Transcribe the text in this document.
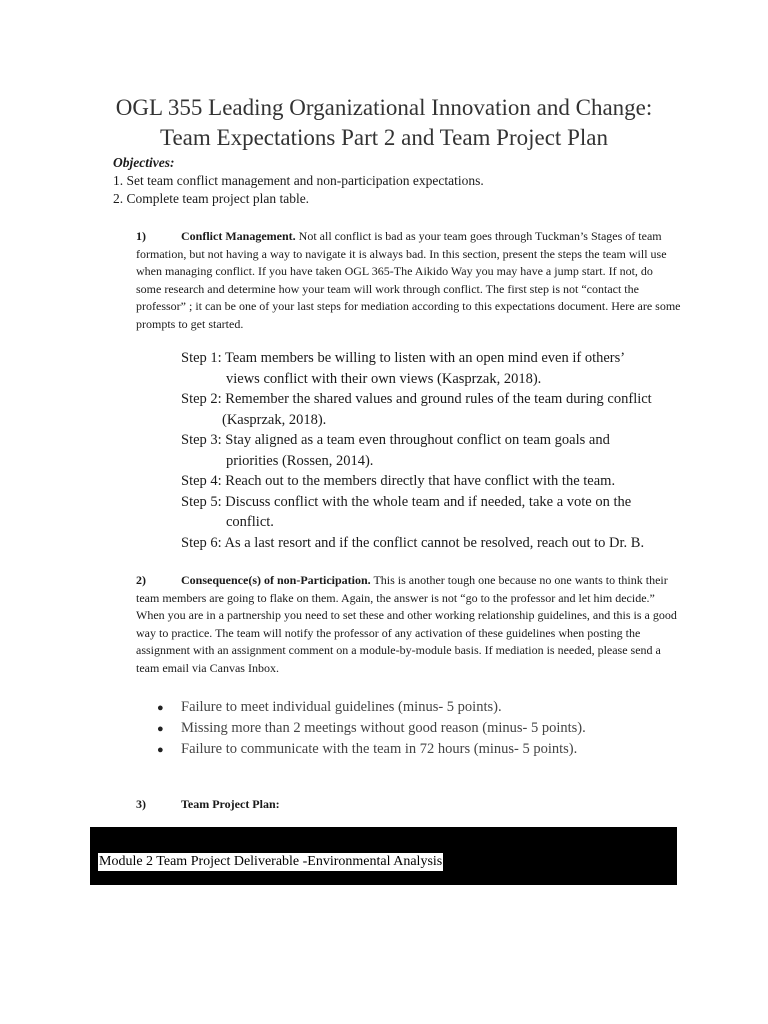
OGL 355 Leading Organizational Innovation and Change:
Team Expectations Part 2 and Team Project Plan
Objectives:
1. Set team conflict management and non-participation expectations.
2. Complete team project plan table.
1)	Conflict Management. Not all conflict is bad as your team goes through Tuckman’s Stages of team formation, but not having a way to navigate it is always bad. In this section, present the steps the team will use when managing conflict. If you have taken OGL 365-The Aikido Way you may have a jump start. If not, do some research and determine how your team will work through conflict. The first step is not “contact the professor” ; it can be one of your last steps for mediation according to this expectations document. Here are some prompts to get started.
Step 1: Team members be willing to listen with an open mind even if others’
views conflict with their own views (Kasprzak, 2018).
Step 2: Remember the shared values and ground rules of the team during conflict
(Kasprzak, 2018).
Step 3: Stay aligned as a team even throughout conflict on team goals and
priorities (Rossen, 2014).
Step 4: Reach out to the members directly that have conflict with the team.
Step 5: Discuss conflict with the whole team and if needed, take a vote on the
conflict.
Step 6: As a last resort and if the conflict cannot be resolved, reach out to Dr. B.
2)	Consequence(s) of non-Participation. This is another tough one because no one wants to think their team members are going to flake on them. Again, the answer is not “go to the professor and let him decide.” When you are in a partnership you need to set these and other working relationship guidelines, and this is a good way to practice. The team will notify the professor of any activation of these guidelines when posting the assignment with an assignment comment on a module-by-module basis. If mediation is needed, please send a team email via Canvas Inbox.
●	Failure to meet individual guidelines (minus- 5 points).
●	Missing more than 2 meetings without good reason (minus- 5 points).
●	Failure to communicate with the team in 72 hours (minus- 5 points).
3)	Team Project Plan:
Module 2 Team Project Deliverable -Environmental Analysis
